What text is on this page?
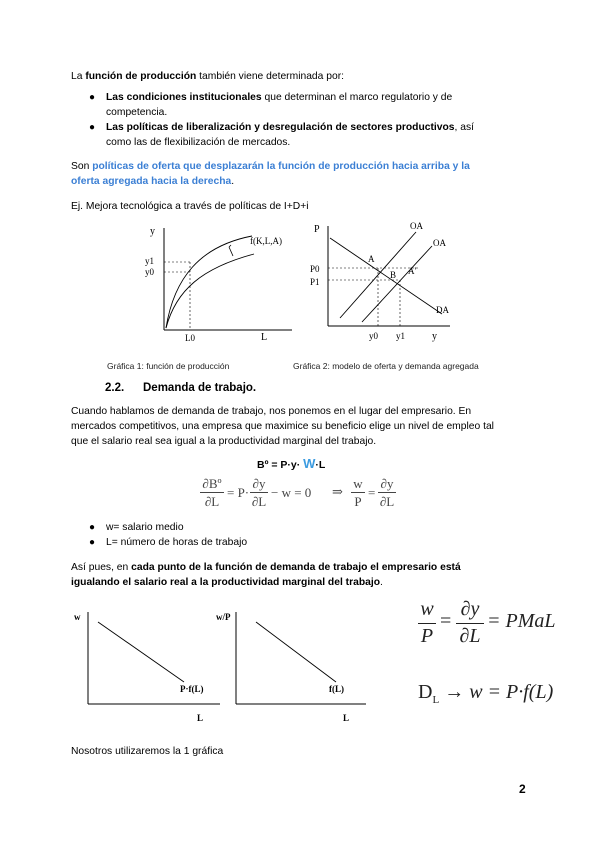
La función de producción también viene determinada por:
● Las condiciones institucionales que determinan el marco regulatorio y de
competencia.
● Las políticas de liberalización y desregulación de sectores productivos, así
como las de flexibilización de mercados.
Son políticas de oferta que desplazarán la función de producción hacia arriba y la
oferta agregada hacia la derecha.
Ej. Mejora tecnológica a través de políticas de I+D+i
y
y1
y0
L0	L
f(K,L,A)
P
P0
P1
A
B A'
OA
OA
DA
y0 y1	y
Gráfica 1: función de producción	Gráfica 2: modelo de oferta y demanda agregada
2.2. Demanda de trabajo.
Cuando hablamos de demanda de trabajo, nos ponemos en el lugar del empresario. En
mercados competitivos, una empresa que maximice su beneficio elige un nivel de empleo tal
que el salario real sea igual a la productividad marginal del trabajo.
Bº = P·y· W·L
∂Bº
∂L
= P·
∂y
∂L
− w = 0 ⇒
w
P
=
∂y
∂L
● w= salario medio
● L= número de horas de trabajo
Así pues, en cada punto de la función de demanda de trabajo el empresario está
igualando el salario real a la productividad marginal del trabajo.
w
L
P·f(L)
w/P
L
f(L)
w
P
=
∂y
∂L
= PMaL
$D_L \to w = P\cdot f(L)$
Nosotros utilizaremos la 1 gráfica
2
